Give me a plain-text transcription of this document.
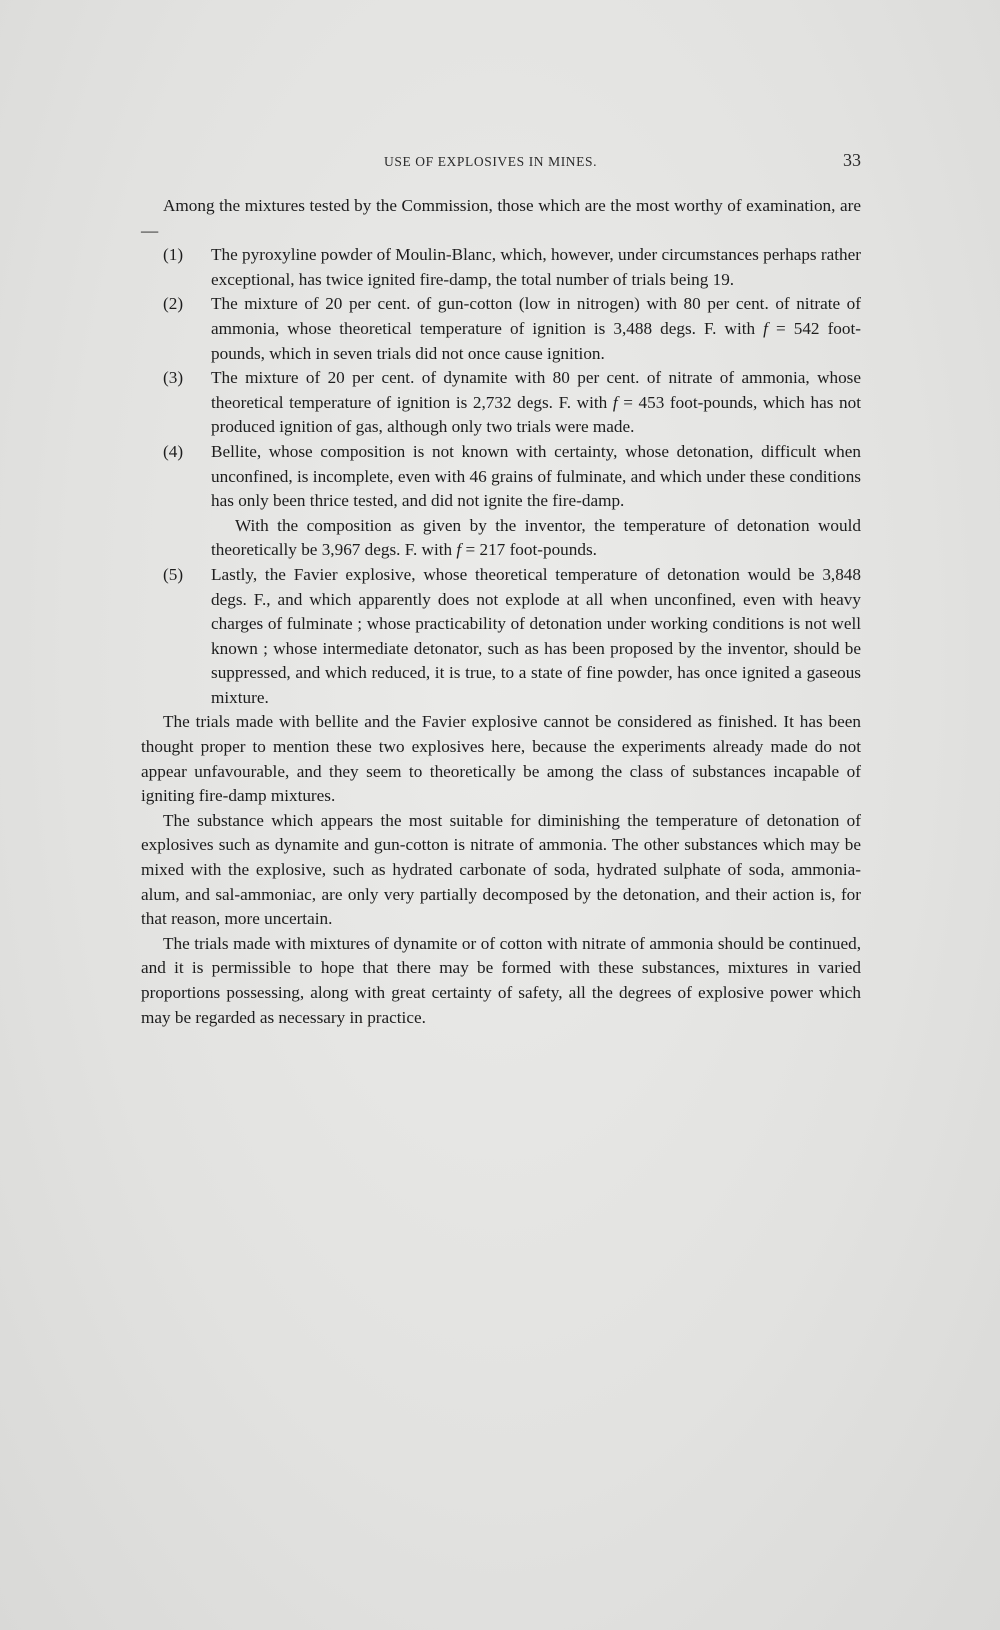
USE OF EXPLOSIVES IN MINES.	33

Among the mixtures tested by the Commission, those which are the most worthy of examination, are—

(1) The pyroxyline powder of Moulin-Blanc, which, however, under circumstances perhaps rather exceptional, has twice ignited fire-damp, the total number of trials being 19.
(2) The mixture of 20 per cent. of gun-cotton (low in nitrogen) with 80 per cent. of nitrate of ammonia, whose theoretical temperature of ignition is 3,488 degs. F. with f = 542 foot-pounds, which in seven trials did not once cause ignition.
(3) The mixture of 20 per cent. of dynamite with 80 per cent. of nitrate of ammonia, whose theoretical temperature of ignition is 2,732 degs. F. with f = 453 foot-pounds, which has not produced ignition of gas, although only two trials were made.
(4) Bellite, whose composition is not known with certainty, whose detonation, difficult when unconfined, is incomplete, even with 46 grains of fulminate, and which under these conditions has only been thrice tested, and did not ignite the fire-damp.

With the composition as given by the inventor, the temperature of detonation would theoretically be 3,967 degs. F. with f = 217 foot-pounds.

(5) Lastly, the Favier explosive, whose theoretical temperature of detonation would be 3,848 degs. F., and which apparently does not explode at all when unconfined, even with heavy charges of fulminate ; whose practicability of detonation under working conditions is not well known ; whose intermediate detonator, such as has been proposed by the inventor, should be suppressed, and which reduced, it is true, to a state of fine powder, has once ignited a gaseous mixture.

The trials made with bellite and the Favier explosive cannot be considered as finished. It has been thought proper to mention these two explosives here, because the experiments already made do not appear unfavourable, and they seem to theoretically be among the class of substances incapable of igniting fire-damp mixtures.

The substance which appears the most suitable for diminishing the temperature of detonation of explosives such as dynamite and gun-cotton is nitrate of ammonia. The other substances which may be mixed with the explosive, such as hydrated carbonate of soda, hydrated sulphate of soda, ammonia-alum, and sal-ammoniac, are only very partially decomposed by the detonation, and their action is, for that reason, more uncertain.

The trials made with mixtures of dynamite or of cotton with nitrate of ammonia should be continued, and it is permissible to hope that there may be formed with these substances, mixtures in varied proportions possessing, along with great certainty of safety, all the degrees of explosive power which may be regarded as necessary in practice.
